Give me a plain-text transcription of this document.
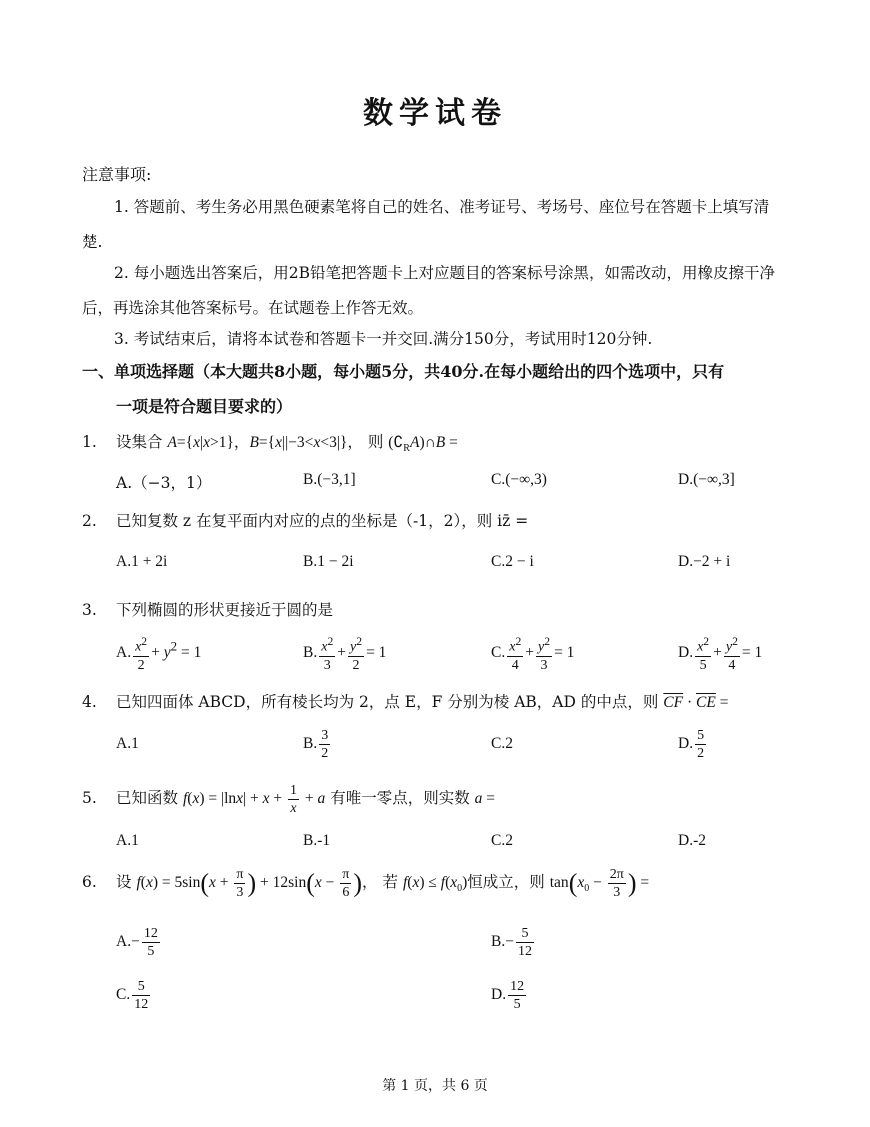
数学试卷
注意事项:
1. 答题前、考生务必用黑色硬素笔将自己的姓名、准考证号、考场号、座位号在答题卡上填写清楚.
2. 每小题选出答案后，用2B铅笔把答题卡上对应题目的答案标号涂黑，如需改动，用橡皮擦干净后，再选涂其他答案标号。在试题卷上作答无效。
3. 考试结束后，请将本试卷和答题卡一并交回.满分150分，考试用时120分钟.
一、单项选择题（本大题共8小题，每小题5分，共40分.在每小题给出的四个选项中，只有
一项是符合题目要求的）
1. 设集合 A={x|x>1}，B={x||−3<x<3|}， 则 $(∁_RA)\cap B$ =
A.（−3，1）	B.(−3,1]	C.(−∞,3)	D.(−∞,3]
2. 已知复数 z 在复平面内对应的点的坐标是（-1，2），则 iz̄ =
A.1 + 2i	B.1 − 2i	C.2 − i	D.−2 + i
3. 下列椭圆的形状更接近于圆的是
A. $\frac{x^2}{2} + y^2 = 1$	B. $\frac{x^2}{3} + \frac{y^2}{2} = 1$	C. $\frac{x^2}{4} + \frac{y^2}{3} = 1$	D. $\frac{x^2}{5} + \frac{y^2}{4} = 1$
4. 已知四面体 ABCD，所有棱长均为 2，点 E，F 分别为棱 AB，AD 的中点，则 $\overline{CF} \cdot \overline{CE}$ =
A.1	B. $\frac{3}{2}$	C.2	D. $\frac{5}{2}$
5. 已知函数 $f(x) = |\ln x| + x + \frac{1}{x} + a$ 有唯一零点，则实数 a =
A.1	B.-1	C.2	D.-2
6. 设 $f(x) = 5\sin(x + \frac{\pi}{3}$ ) + $12\sin(x - \frac{\pi}{6}$ )， 若 $f(x) \le f(x_0)$恒成立，则 $\tan(x_0 - \frac{2\pi}{3}$ ) =
$A.- \frac{12}{5}$	$B.- \frac{5}{12}$
C. $\frac{5}{12}$	D. $\frac{12}{5}$
第 1 页，共 6 页
